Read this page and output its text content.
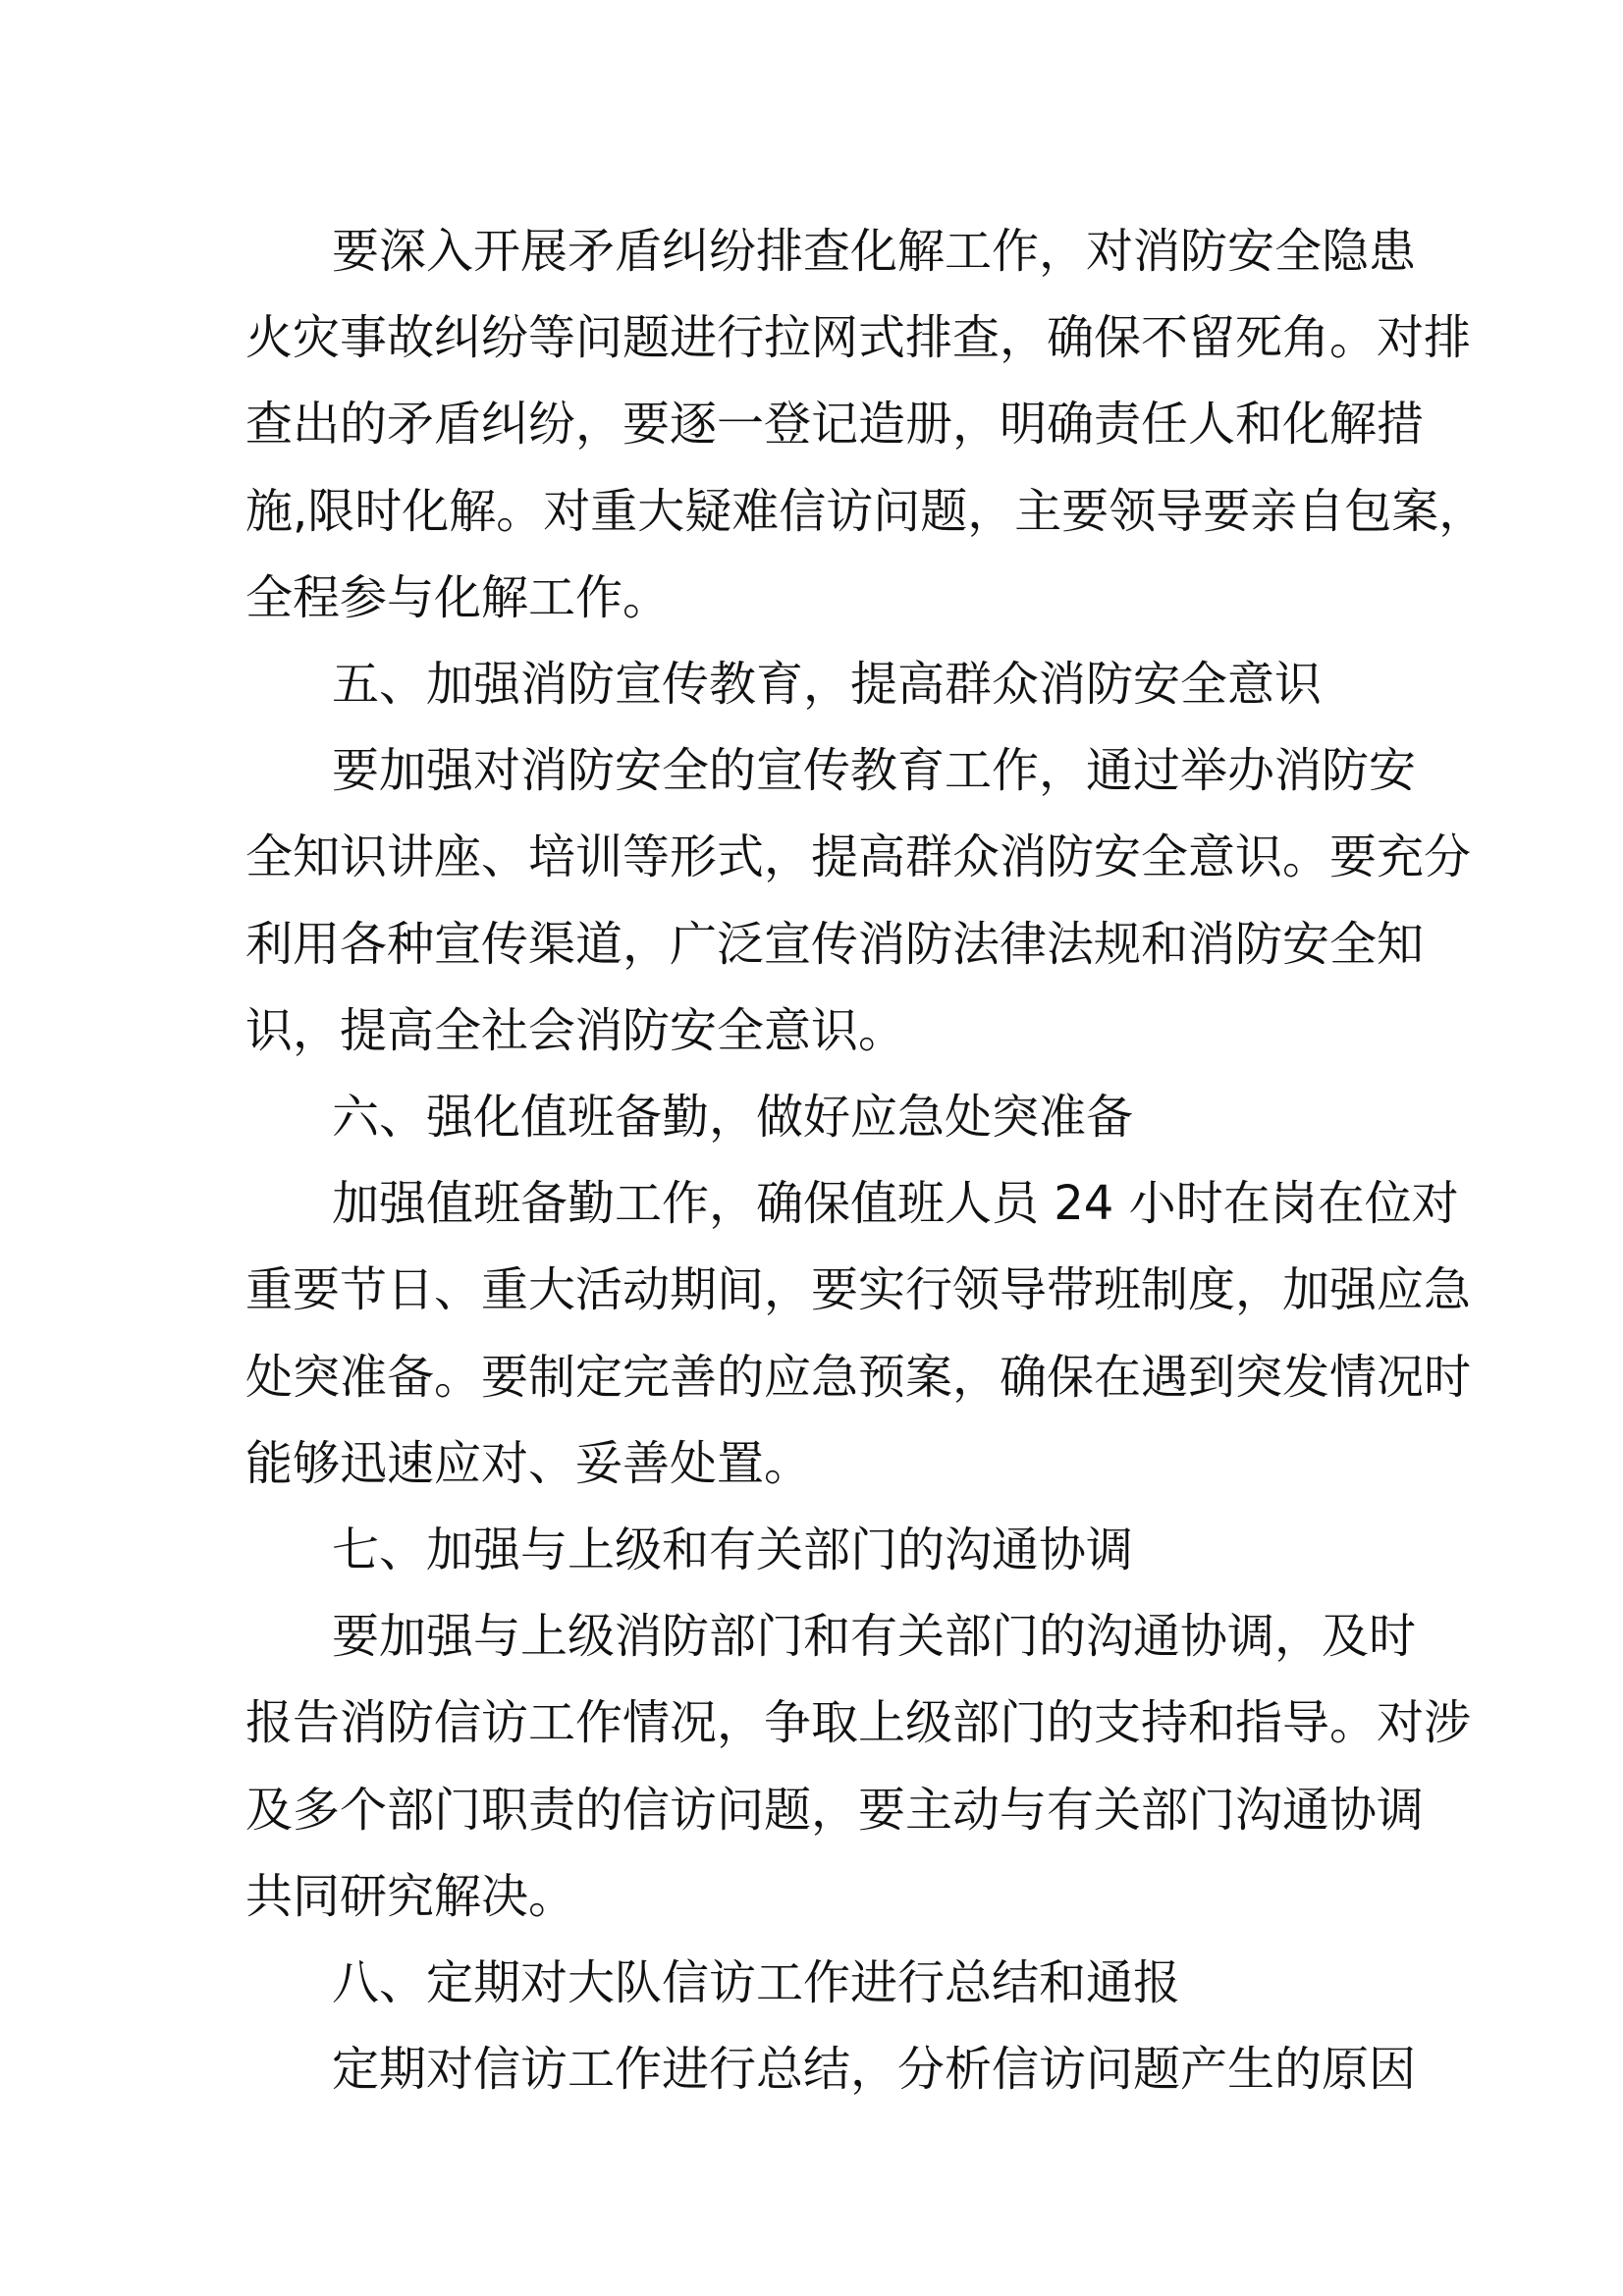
要深入开展矛盾纠纷排查化解工作，对消防安全隐患
火灾事故纠纷等问题进行拉网式排查，确保不留死角。对排
查出的矛盾纠纷，要逐一登记造册，明确责任人和化解措
施,限时化解。对重大疑难信访问题，主要领导要亲自包案，
全程参与化解工作。
五、加强消防宣传教育，提高群众消防安全意识
要加强对消防安全的宣传教育工作，通过举办消防安
全知识讲座、培训等形式，提高群众消防安全意识。要充分
利用各种宣传渠道，广泛宣传消防法律法规和消防安全知
识，提高全社会消防安全意识。
六、强化值班备勤，做好应急处突准备
加强值班备勤工作，确保值班人员 24 小时在岗在位对
重要节日、重大活动期间，要实行领导带班制度，加强应急
处突准备。要制定完善的应急预案，确保在遇到突发情况时
能够迅速应对、妥善处置。
七、加强与上级和有关部门的沟通协调
要加强与上级消防部门和有关部门的沟通协调，及时
报告消防信访工作情况，争取上级部门的支持和指导。对涉
及多个部门职责的信访问题，要主动与有关部门沟通协调
共同研究解决。
八、定期对大队信访工作进行总结和通报
定期对信访工作进行总结，分析信访问题产生的原因
